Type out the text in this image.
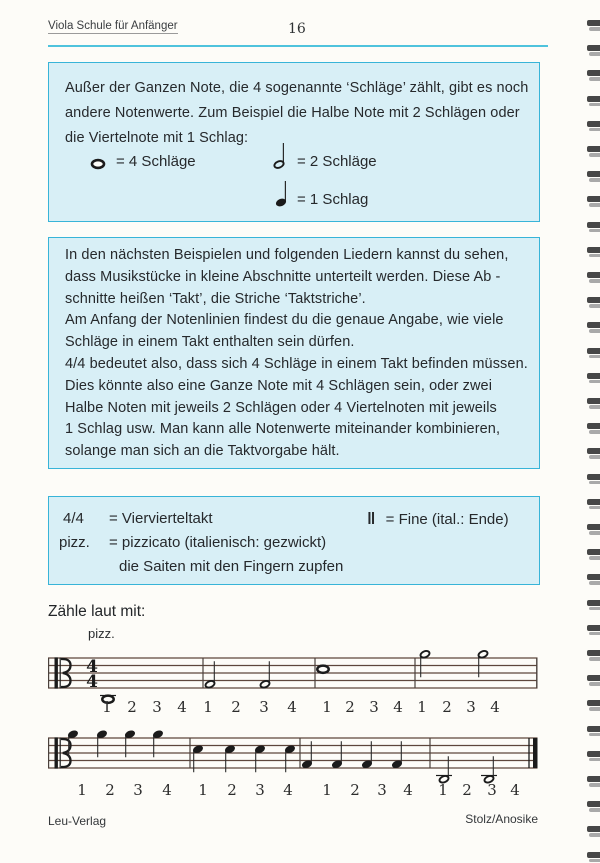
Viola Schule für Anfänger	16
Außer der Ganzen Note, die 4 sogenannte ‘Schläge’ zählt, gibt es noch
andere Notenwerte. Zum Beispiel die Halbe Note mit 2 Schlägen oder
die Viertelnote mit 1 Schlag:
= 4 Schläge	= 2 Schläge
= 1 Schlag
In den nächsten Beispielen und folgenden Liedern kannst du sehen,
dass Musikstücke in kleine Abschnitte unterteilt werden. Diese Ab -
schnitte heißen ‘Takt’, die Striche ‘Taktstriche’.
Am Anfang der Notenlinien findest du die genaue Angabe, wie viele
Schläge in einem Takt enthalten sein dürfen.
4/4 bedeutet also, dass sich 4 Schläge in einem Takt befinden müssen.
Dies könnte also eine Ganze Note mit 4 Schlägen sein, oder zwei
Halbe Noten mit jeweils 2 Schlägen oder 4 Viertelnoten mit jeweils
1 Schlag usw. Man kann alle Notenwerte miteinander kombinieren,
solange man sich an die Taktvorgabe hält.
4/4 = Viervierteltakt	‖ = Fine (ital.: Ende)
pizz. = pizzicato (italienisch: gezwickt)
die Saiten mit den Fingern zupfen
Zähle laut mit:
pizz.
4
4
1 2 3 4 1 2 3 4 1 2 3 4 1 2 3 4
1 2 3 4 1 2 3 4 1 2 3 4 1 2 3 4
Leu-Verlag	Stolz/Anosike
